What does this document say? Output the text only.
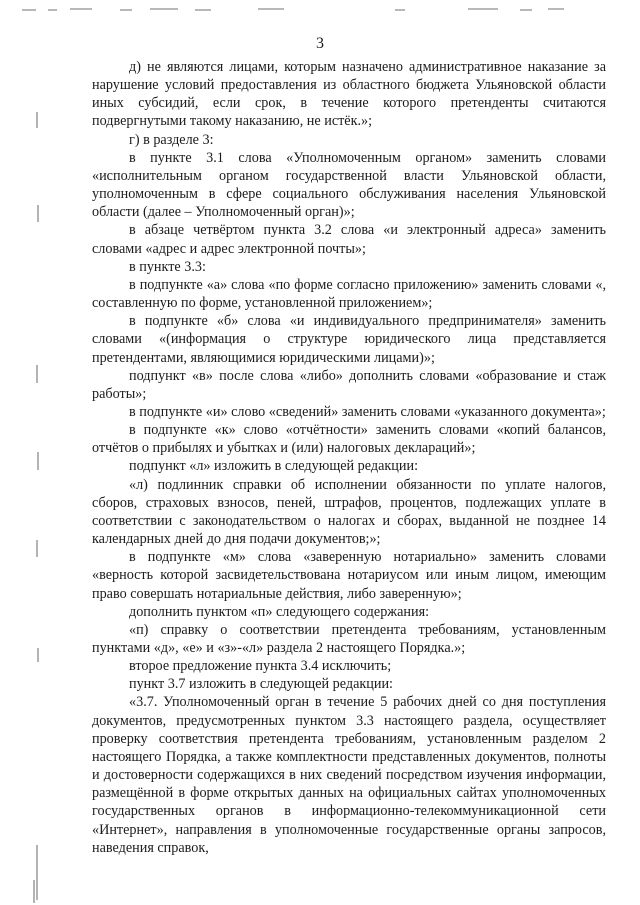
3

д) не являются лицами, которым назначено административное наказание за нарушение условий предоставления из областного бюджета Ульяновской области иных субсидий, если срок, в течение которого претенденты считаются подвергнутыми такому наказанию, не истёк.»;

г) в разделе 3:

в пункте 3.1 слова «Уполномоченным органом» заменить словами «исполнительным органом государственной власти Ульяновской области, уполномоченным в сфере социального обслуживания населения Ульяновской области (далее – Уполномоченный орган)»;

в абзаце четвёртом пункта 3.2 слова «и электронный адреса» заменить словами «адрес и адрес электронной почты»;

в пункте 3.3:

в подпункте «а» слова «по форме согласно приложению» заменить словами «, составленную по форме, установленной приложением»;

в подпункте «б» слова «и индивидуального предпринимателя» заменить словами «(информация о структуре юридического лица представляется претендентами, являющимися юридическими лицами)»;

подпункт «в» после слова «либо» дополнить словами «образование и стаж работы»;

в подпункте «и» слово «сведений» заменить словами «указанного документа»;

в подпункте «к» слово «отчётности» заменить словами «копий балансов, отчётов о прибылях и убытках и (или) налоговых деклараций»;

подпункт «л» изложить в следующей редакции:

«л) подлинник справки об исполнении обязанности по уплате налогов, сборов, страховых взносов, пеней, штрафов, процентов, подлежащих уплате в соответствии с законодательством о налогах и сборах, выданной не позднее 14 календарных дней до дня подачи документов;»;

в подпункте «м» слова «заверенную нотариально» заменить словами «верность которой засвидетельствована нотариусом или иным лицом, имеющим право совершать нотариальные действия, либо заверенную»;

дополнить пунктом «п» следующего содержания:

«п) справку о соответствии претендента требованиям, установленным пунктами «д», «е» и «з»-«л» раздела 2 настоящего Порядка.»;

второе предложение пункта 3.4 исключить;

пункт 3.7 изложить в следующей редакции:

«3.7. Уполномоченный орган в течение 5 рабочих дней со дня поступления документов, предусмотренных пунктом 3.3 настоящего раздела, осуществляет проверку соответствия претендента требованиям, установленным разделом 2 настоящего Порядка, а также комплектности представленных документов, полноты и достоверности содержащихся в них сведений посредством изучения информации, размещённой в форме открытых данных на официальных сайтах уполномоченных государственных органов в информационно-телекоммуникационной сети «Интернет», направления в уполномоченные государственные органы запросов, наведения справок,
